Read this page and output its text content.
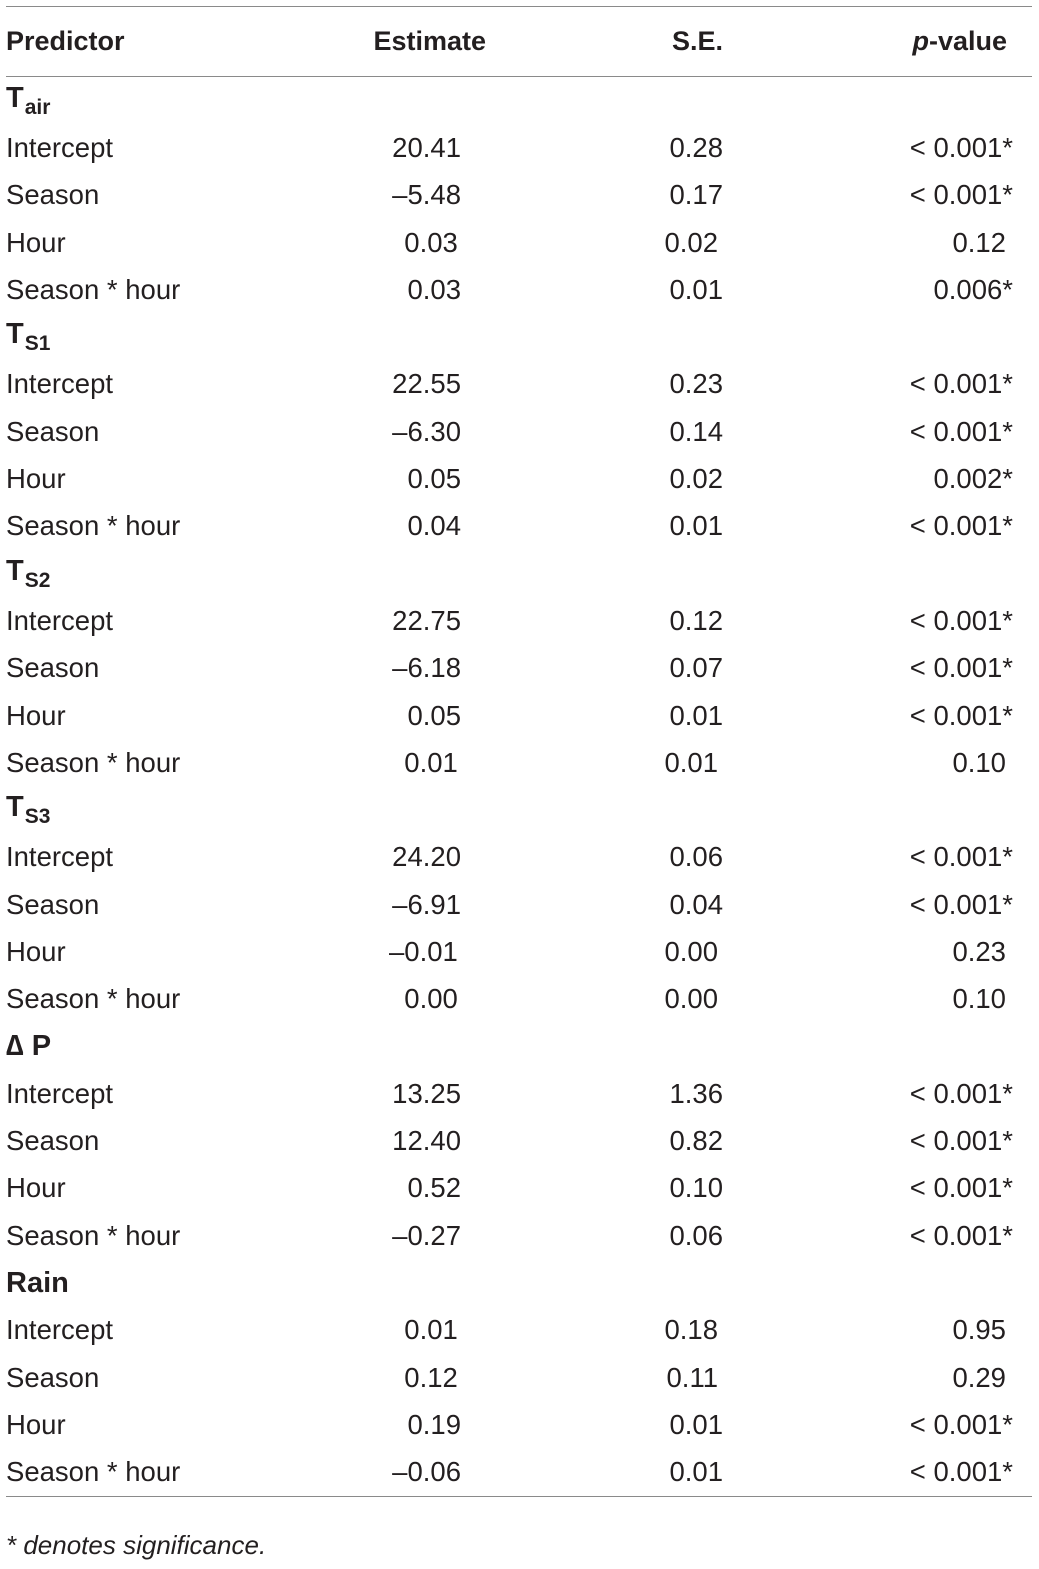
Predictor	Estimate	S.E.	p-value
$T_{air}$
Intercept	20.41	0.28	< 0.001*
Season	–5.48	0.17	< 0.001*
Hour	0.03	0.02	0.12
Season * hour	0.03	0.01	0.006*
$T_{S1}$
Intercept	22.55	0.23	< 0.001*
Season	–6.30	0.14	< 0.001*
Hour	0.05	0.02	0.002*
Season * hour	0.04	0.01	< 0.001*
$T_{S2}$
Intercept	22.75	0.12	< 0.001*
Season	–6.18	0.07	< 0.001*
Hour	0.05	0.01	< 0.001*
Season * hour	0.01	0.01	0.10
$T_{S3}$
Intercept	24.20	0.06	< 0.001*
Season	–6.91	0.04	< 0.001*
Hour	–0.01	0.00	0.23
Season * hour	0.00	0.00	0.10
∆ P
Intercept	13.25	1.36	< 0.001*
Season	12.40	0.82	< 0.001*
Hour	0.52	0.10	< 0.001*
Season * hour	–0.27	0.06	< 0.001*
Rain
Intercept	0.01	0.18	0.95
Season	0.12	0.11	0.29
Hour	0.19	0.01	< 0.001*
Season * hour	–0.06	0.01	< 0.001*
* denotes significance.
